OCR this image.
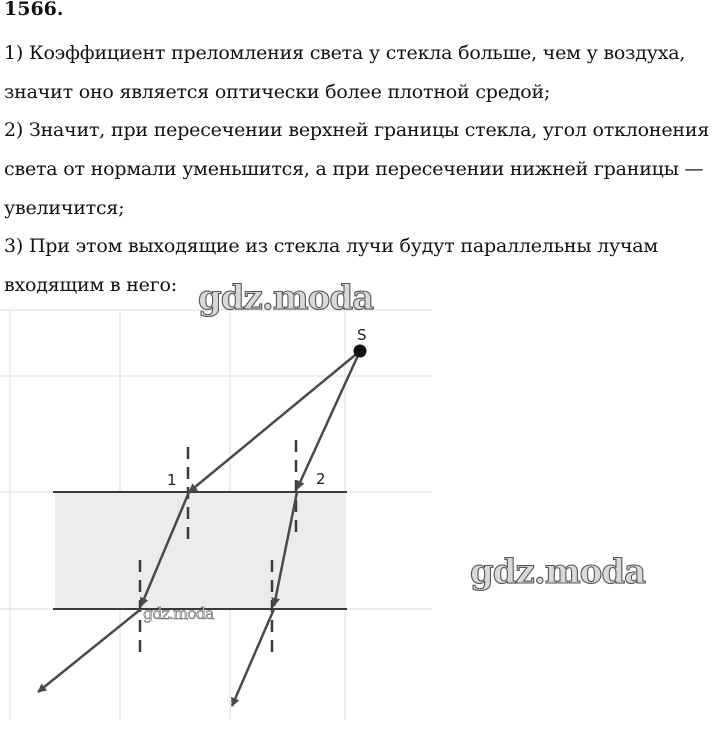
1566.
1) Коэффициент преломления света у стекла больше, чем у воздуха,
значит оно является оптически более плотной средой;
2) Значит, при пересечении верхней границы стекла, угол отклонения
света от нормали уменьшится, а при пересечении нижней границы —
увеличится;
3) При этом выходящие из стекла лучи будут параллельны лучам
входящим в него:
S
1	2
gdz.moda
gdz.moda
gdz.moda
